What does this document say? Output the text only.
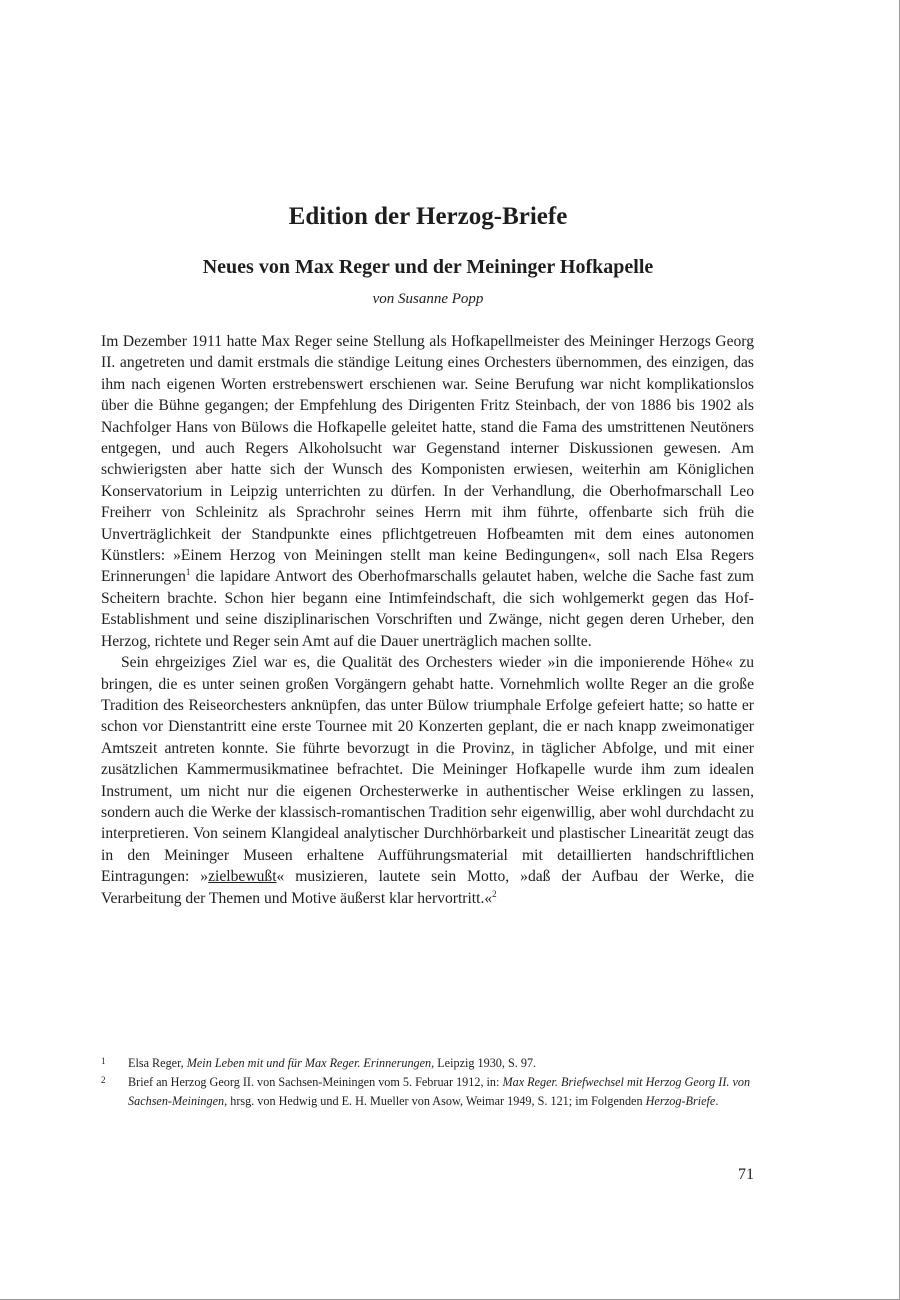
Edition der Herzog-Briefe
Neues von Max Reger und der Meininger Hofkapelle
von Susanne Popp

Im Dezember 1911 hatte Max Reger seine Stellung als Hofkapellmeister des Meininger Herzogs Georg II. angetreten und damit erstmals die ständige Leitung eines Orchesters übernommen, des einzigen, das ihm nach eigenen Worten erstrebenswert erschienen war. Seine Berufung war nicht komplikationslos über die Bühne gegangen; der Empfehlung des Dirigenten Fritz Steinbach, der von 1886 bis 1902 als Nachfolger Hans von Bülows die Hofkapelle geleitet hatte, stand die Fama des umstrittenen Neutöners entgegen, und auch Regers Alkoholsucht war Gegenstand interner Diskussionen gewesen. Am schwierigsten aber hatte sich der Wunsch des Komponisten erwiesen, weiterhin am Königlichen Konservatorium in Leipzig unterrichten zu dürfen. In der Verhandlung, die Oberhofmarschall Leo Freiherr von Schleinitz als Sprachrohr seines Herrn mit ihm führte, offenbarte sich früh die Unverträglichkeit der Standpunkte eines pflichtgetreuen Hofbeamten mit dem eines autonomen Künstlers: »Einem Herzog von Meiningen stellt man keine Bedingungen«, soll nach Elsa Regers Erinnerungen$^1$ die lapidare Antwort des Oberhofmarschalls gelautet haben, welche die Sache fast zum Scheitern brachte. Schon hier begann eine Intimfeindschaft, die sich wohlgemerkt gegen das Hof-Establishment und seine disziplinarischen Vorschriften und Zwänge, nicht gegen deren Urheber, den Herzog, richtete und Reger sein Amt auf die Dauer unerträglich machen sollte.

Sein ehrgeiziges Ziel war es, die Qualität des Orchesters wieder »in die imponierende Höhe« zu bringen, die es unter seinen großen Vorgängern gehabt hatte. Vornehmlich wollte Reger an die große Tradition des Reiseorchesters anknüpfen, das unter Bülow triumphale Erfolge gefeiert hatte; so hatte er schon vor Dienstantritt eine erste Tournee mit 20 Konzerten geplant, die er nach knapp zweimonatiger Amtszeit antreten konnte. Sie führte bevorzugt in die Provinz, in täglicher Abfolge, und mit einer zusätzlichen Kammermusikmatinee befrachtet. Die Meininger Hofkapelle wurde ihm zum idealen Instrument, um nicht nur die eigenen Orchesterwerke in authentischer Weise erklingen zu lassen, sondern auch die Werke der klassisch-romantischen Tradition sehr eigenwillig, aber wohl durchdacht zu interpretieren. Von seinem Klangideal analytischer Durchhörbarkeit und plastischer Linearität zeugt das in den Meininger Museen erhaltene Aufführungsmaterial mit detaillierten handschriftlichen Eintragungen: »zielbewußt« musizieren, lautete sein Motto, »daß der Aufbau der Werke, die Verarbeitung der Themen und Motive äußerst klar hervortritt.«$^2$

1	Elsa Reger, Mein Leben mit und für Max Reger. Erinnerungen, Leipzig 1930, S. 97.
2	Brief an Herzog Georg II. von Sachsen-Meiningen vom 5. Februar 1912, in: Max Reger. Briefwechsel mit Herzog Georg II. von Sachsen-Meiningen, hrsg. von Hedwig und E. H. Mueller von Asow, Weimar 1949, S. 121; im Folgenden Herzog-Briefe.
71
